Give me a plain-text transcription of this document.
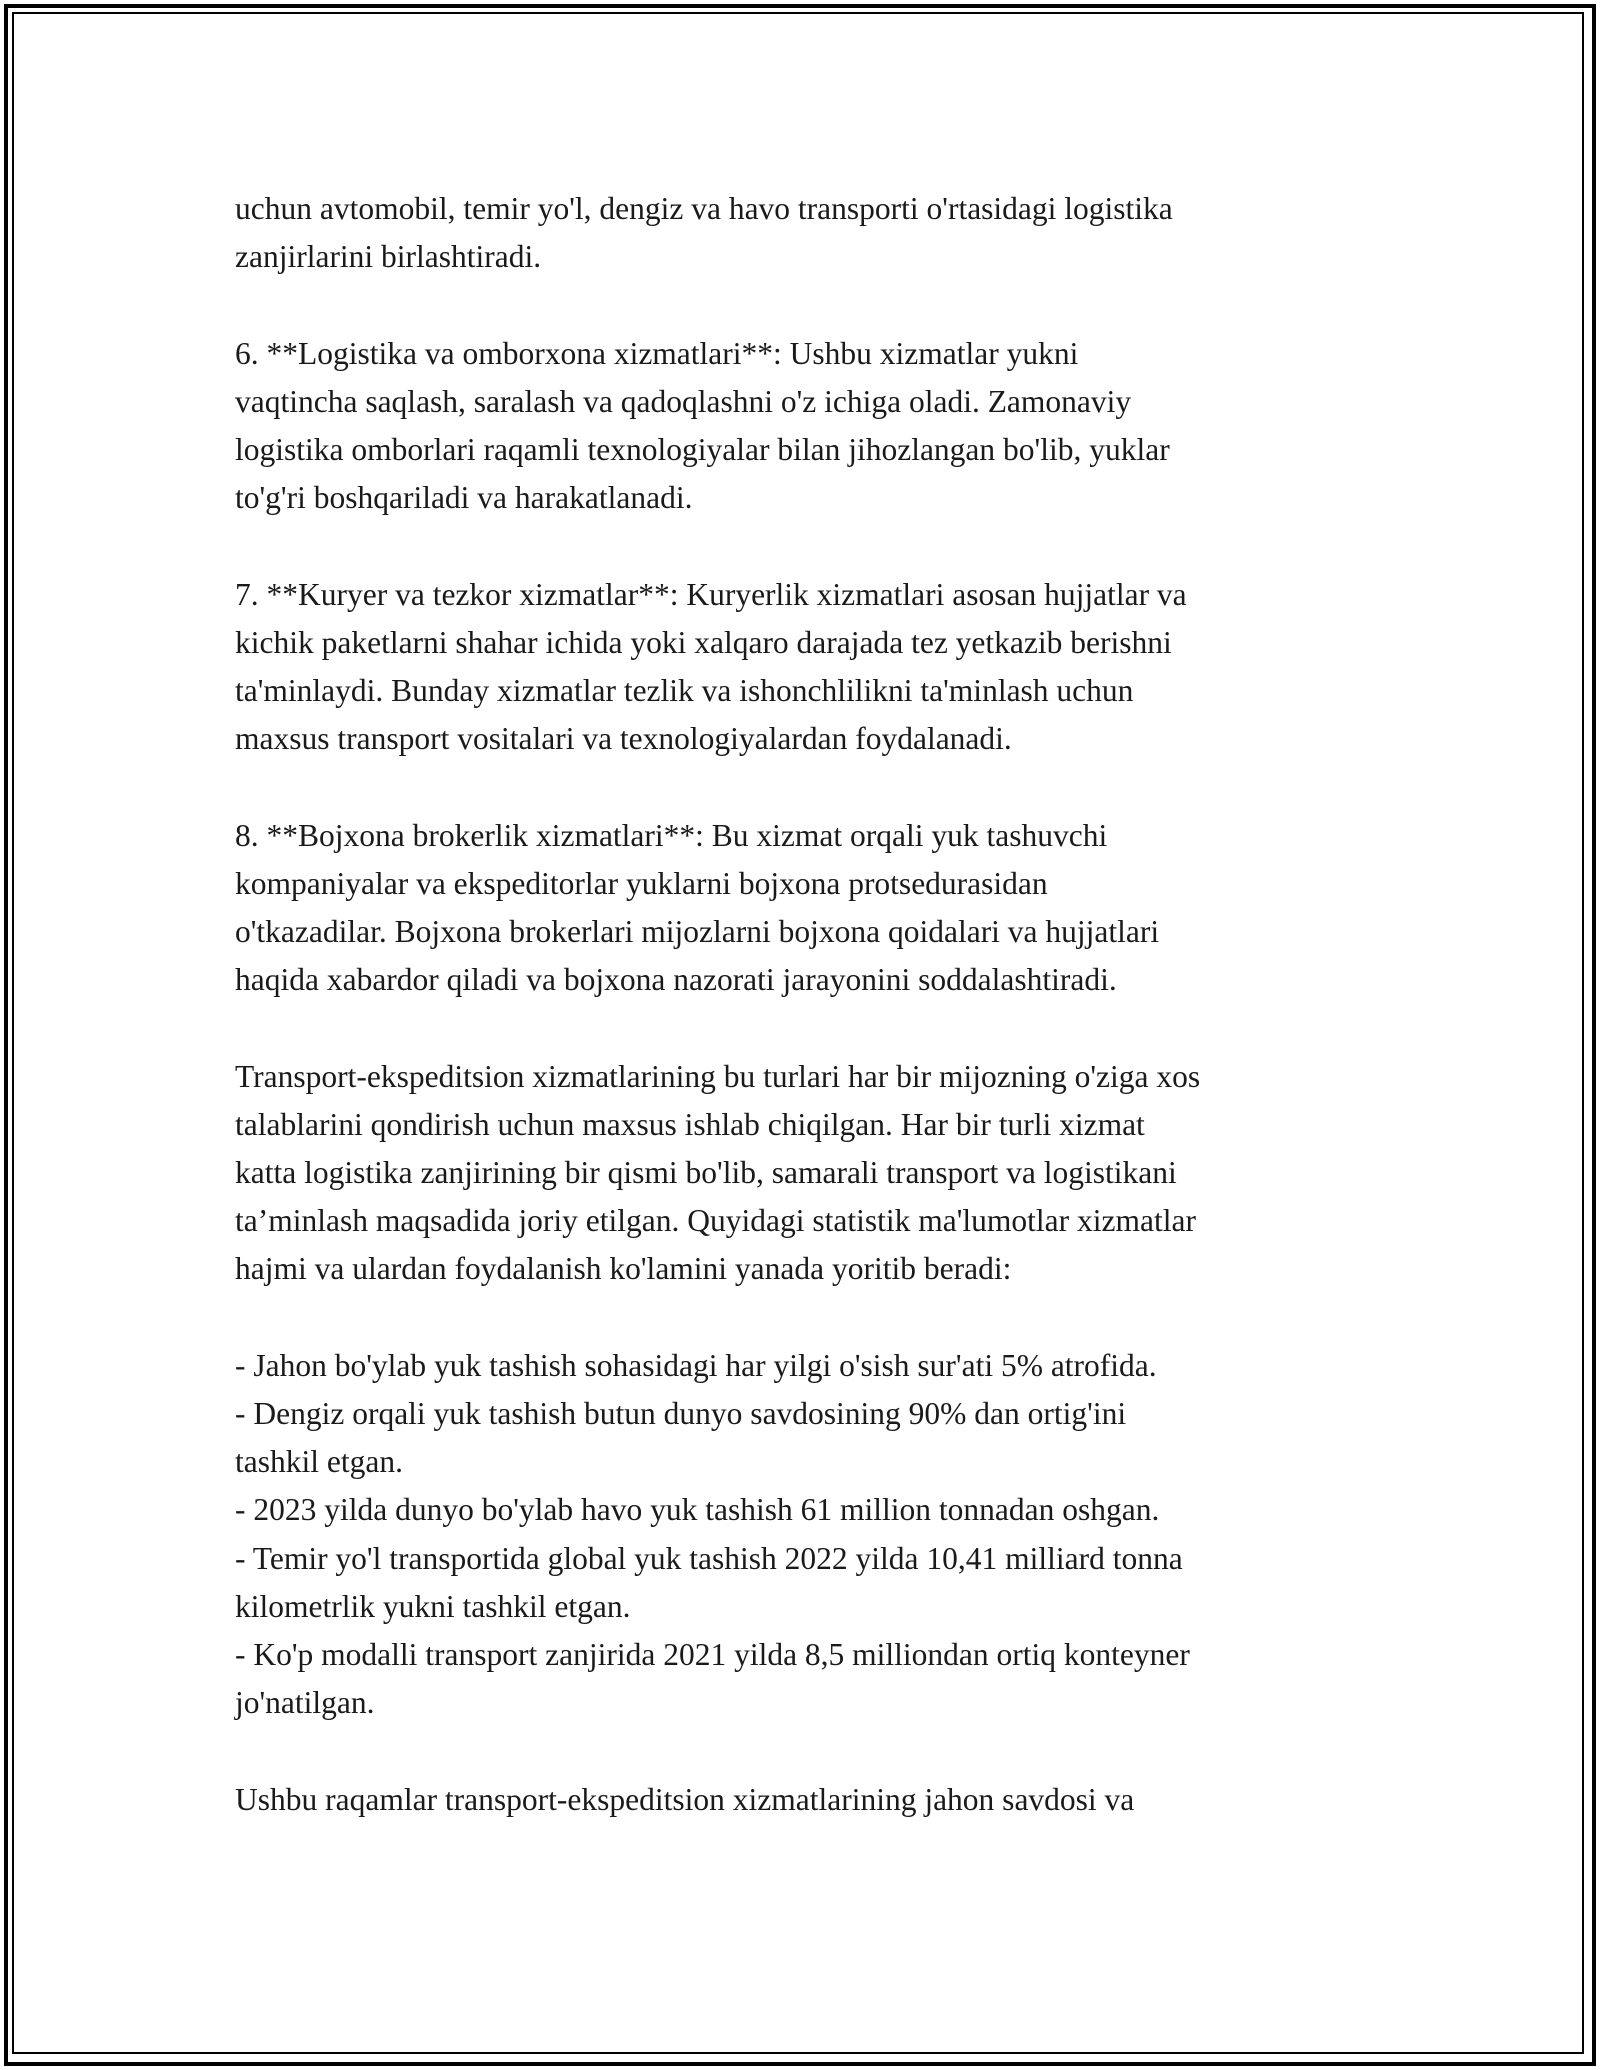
uchun avtomobil, temir yo'l, dengiz va havo transporti o'rtasidagi logistika
zanjirlarini birlashtiradi.
6. **Logistika va omborxona xizmatlari**: Ushbu xizmatlar yukni
vaqtincha saqlash, saralash va qadoqlashni o'z ichiga oladi. Zamonaviy
logistika omborlari raqamli texnologiyalar bilan jihozlangan bo'lib, yuklar
to'g'ri boshqariladi va harakatlanadi.
7. **Kuryer va tezkor xizmatlar**: Kuryerlik xizmatlari asosan hujjatlar va
kichik paketlarni shahar ichida yoki xalqaro darajada tez yetkazib berishni
ta'minlaydi. Bunday xizmatlar tezlik va ishonchlilikni ta'minlash uchun
maxsus transport vositalari va texnologiyalardan foydalanadi.
8. **Bojxona brokerlik xizmatlari**: Bu xizmat orqali yuk tashuvchi
kompaniyalar va ekspeditorlar yuklarni bojxona protsedurasidan
o'tkazadilar. Bojxona brokerlari mijozlarni bojxona qoidalari va hujjatlari
haqida xabardor qiladi va bojxona nazorati jarayonini soddalashtiradi.
Transport-ekspeditsion xizmatlarining bu turlari har bir mijozning o'ziga xos
talablarini qondirish uchun maxsus ishlab chiqilgan. Har bir turli xizmat
katta logistika zanjirining bir qismi bo'lib, samarali transport va logistikani
ta’minlash maqsadida joriy etilgan. Quyidagi statistik ma'lumotlar xizmatlar
hajmi va ulardan foydalanish ko'lamini yanada yoritib beradi:
- Jahon bo'ylab yuk tashish sohasidagi har yilgi o'sish sur'ati 5% atrofida.
- Dengiz orqali yuk tashish butun dunyo savdosining 90% dan ortig'ini
tashkil etgan.
- 2023 yilda dunyo bo'ylab havo yuk tashish 61 million tonnadan oshgan.
- Temir yo'l transportida global yuk tashish 2022 yilda 10,41 milliard tonna
kilometrlik yukni tashkil etgan.
- Ko'p modalli transport zanjirida 2021 yilda 8,5 milliondan ortiq konteyner
jo'natilgan.
Ushbu raqamlar transport-ekspeditsion xizmatlarining jahon savdosi va
